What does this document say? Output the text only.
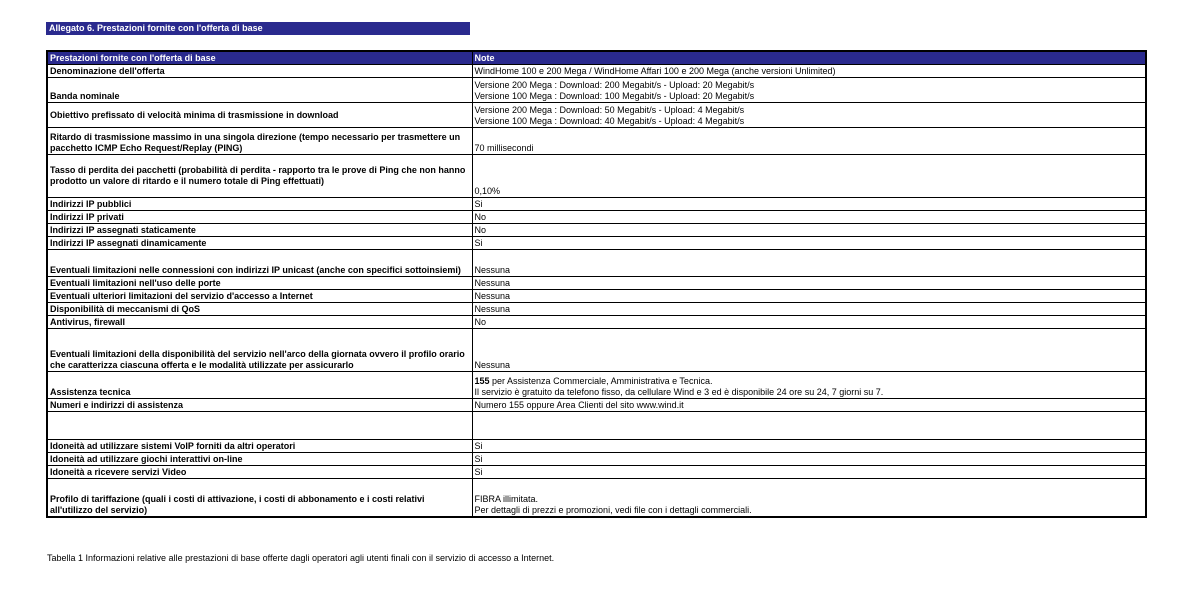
Allegato 6. Prestazioni fornite con l'offerta di base
Prestazioni fornite con l'offerta di base	Note
Denominazione dell'offerta	WindHome 100 e 200 Mega / WindHome Affari 100 e 200 Mega (anche versioni Unlimited)

Banda nominale	Versione 200 Mega : Download: 200 Megabit/s - Upload: 20 Megabit/s
Versione 100 Mega : Download: 100 Megabit/s - Upload: 20 Megabit/s

Obiettivo prefissato di velocità minima di trasmissione in download	Versione 200 Mega : Download: 50 Megabit/s - Upload: 4 Megabit/s
Versione 100 Mega : Download: 40 Megabit/s - Upload: 4 Megabit/s

Ritardo di trasmissione massimo in una singola direzione (tempo necessario per trasmettere un pacchetto ICMP Echo Request/Replay (PING)	70 millisecondi

Tasso di perdita dei pacchetti (probabilità di perdita - rapporto tra le prove di Ping che non hanno prodotto un valore di ritardo e il numero totale di Ping effettuati)	0,10%

Indirizzi IP pubblici	Si

Indirizzi IP privati	No

Indirizzi IP assegnati staticamente	No

Indirizzi IP assegnati dinamicamente	Si

Eventuali limitazioni nelle connessioni con indirizzi IP unicast (anche con specifici sottoinsiemi)	Nessuna

Eventuali limitazioni nell'uso delle porte	Nessuna

Eventuali ulteriori limitazioni del servizio d'accesso a Internet	Nessuna

Disponibilità di meccanismi di QoS	Nessuna

Antivirus, firewall	No

Eventuali limitazioni della disponibilità del servizio nell'arco della giornata ovvero il profilo orario che caratterizza ciascuna offerta e le modalità utilizzate per assicurarlo	Nessuna

Assistenza tecnica	155 per Assistenza Commerciale, Amministrativa e Tecnica.
Il servizio è gratuito da telefono fisso, da cellulare Wind e 3 ed è disponibile 24 ore su 24, 7 giorni su 7.

Numeri e indirizzi di assistenza	Numero 155 oppure Area Clienti del sito www.wind.it

Idoneità ad utilizzare sistemi VoIP forniti da altri operatori	Si

Idoneità ad utilizzare giochi interattivi on-line	Si

Idoneità a ricevere servizi Video	Si

Profilo di tariffazione (quali i costi di attivazione, i costi di abbonamento e i costi relativi all'utilizzo del servizio)	FIBRA illimitata.
Per dettagli di prezzi e promozioni, vedi file con i dettagli commerciali.
Tabella 1 Informazioni relative alle prestazioni di base offerte dagli operatori agli utenti finali con il servizio di accesso a Internet.
